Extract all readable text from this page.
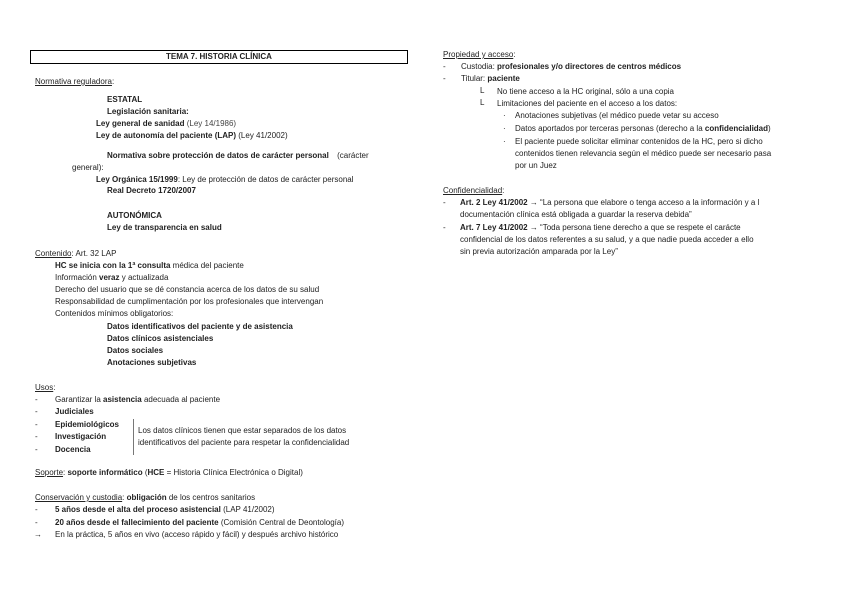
TEMA 7. HISTORIA CLÍNICA
Normativa reguladora:
ESTATAL
Legislación sanitaria:
Ley general de sanidad (Ley 14/1986)
Ley de autonomía del paciente (LAP) (Ley 41/2002)
Normativa sobre protección de datos de carácter personal (carácter
general):
Ley Orgánica 15/1999: Ley de protección de datos de carácter personal
Real Decreto 1720/2007
AUTONÓMICA
Ley de transparencia en salud
Contenido: Art. 32 LAP
HC se inicia con la 1ª consulta médica del paciente
Información veraz y actualizada
Derecho del usuario que se dé constancia acerca de los datos de su salud
Responsabilidad de cumplimentación por los profesionales que intervengan
Contenidos mínimos obligatorios:
Datos identificativos del paciente y de asistencia
Datos clínicos asistenciales
Datos sociales
Anotaciones subjetivas
Usos:
- Garantizar la asistencia adecuada al paciente
- Judiciales
- Epidemiológicos
- Investigación
- Docencia
Los datos clínicos tienen que estar separados de los datos
identificativos del paciente para respetar la confidencialidad
Soporte: soporte informático (HCE = Historia Clínica Electrónica o Digital)
Conservación y custodia: obligación de los centros sanitarios
- 5 años desde el alta del proceso asistencial (LAP 41/2002)
- 20 años desde el fallecimiento del paciente (Comisión Central de Deontología)
→ En la práctica, 5 años en vivo (acceso rápido y fácil) y después archivo histórico
Propiedad y acceso:
- Custodia: profesionales y/o directores de centros médicos
- Titular: paciente
L No tiene acceso a la HC original, sólo a una copia
L Limitaciones del paciente en el acceso a los datos:
· Anotaciones subjetivas (el médico puede vetar su acceso
· Datos aportados por terceras personas (derecho a la confidencialidad)
· El paciente puede solicitar eliminar contenidos de la HC, pero si dicho
contenidos tienen relevancia según el médico puede ser necesario pasa
por un Juez
Confidencialidad:
- Art. 2 Ley 41/2002 → “La persona que elabore o tenga acceso a la información y a l
documentación clínica está obligada a guardar la reserva debida”
- Art. 7 Ley 41/2002 → “Toda persona tiene derecho a que se respete el caráctе
confidencial de los datos referentes a su salud, y a que nadie pueda acceder a ello
sin previa autorización amparada por la Ley”
